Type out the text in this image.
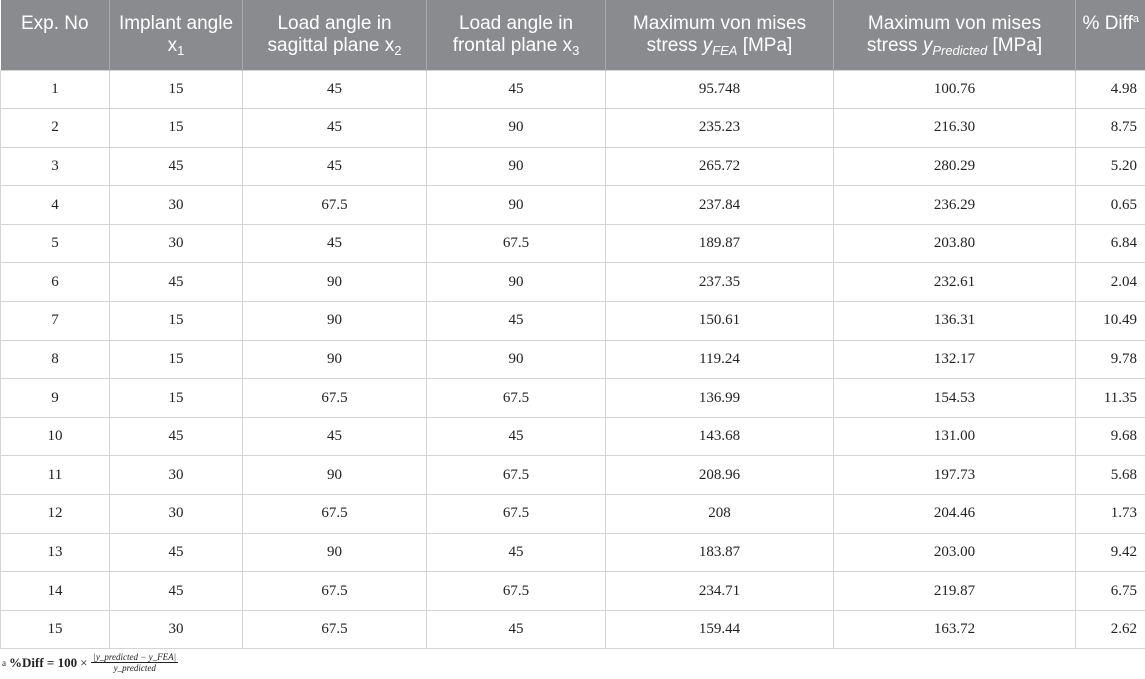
Exp. No	Implant angle $x_1$	Load angle in sagittal plane $x_2$	Load angle in frontal plane $x_3$	Maximum von mises stress $y_{FEA}$ [MPa]	Maximum von mises stress $y_{Predicted}$ [MPa]	% Diff$^a$
1	15	45	45	95.748	100.76	4.98
2	15	45	90	235.23	216.30	8.75
3	45	45	90	265.72	280.29	5.20
4	30	67.5	90	237.84	236.29	0.65
5	30	45	67.5	189.87	203.80	6.84
6	45	90	90	237.35	232.61	2.04
7	15	90	45	150.61	136.31	10.49
8	15	90	90	119.24	132.17	9.78
9	15	67.5	67.5	136.99	154.53	11.35
10	45	45	45	143.68	131.00	9.68
11	30	90	67.5	208.96	197.73	5.68
12	30	67.5	67.5	208	204.46	1.73
13	45	90	45	183.87	203.00	9.42
14	45	67.5	67.5	234.71	219.87	6.75
15	30	67.5	45	159.44	163.72	2.62
a %Diff = $100 \times \frac{\text{|y\_predicted − y\_FEA|}}{\text{y\_predicted}}$
